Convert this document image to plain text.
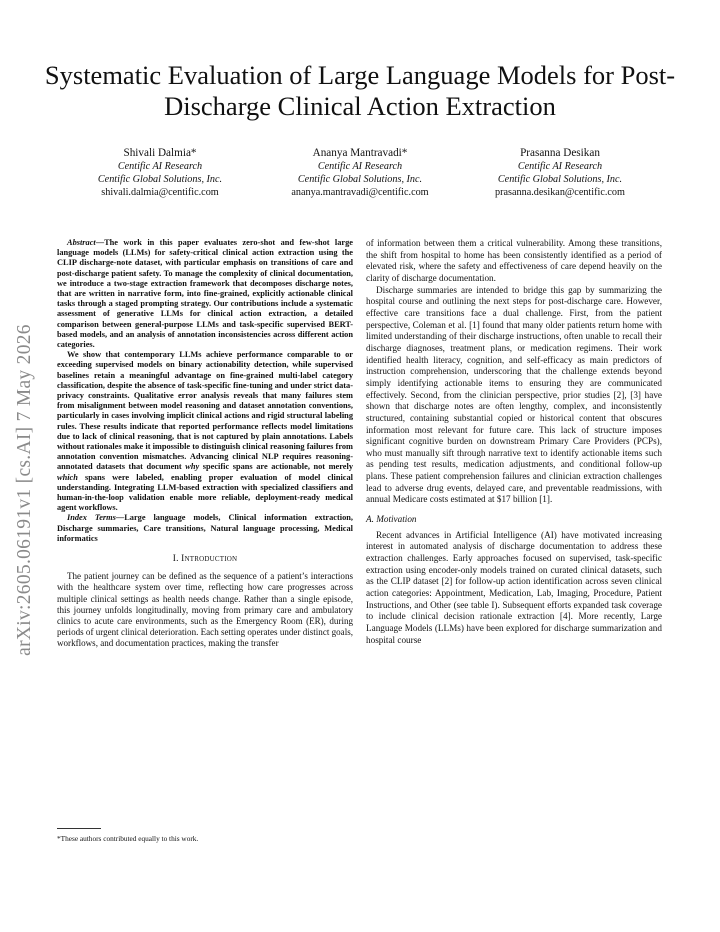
Systematic Evaluation of Large Language Models for Post-Discharge Clinical Action Extraction
Shivali Dalmia*
Centific AI Research
Centific Global Solutions, Inc.
shivali.dalmia@centific.com
Ananya Mantravadi*
Centific AI Research
Centific Global Solutions, Inc.
ananya.mantravadi@centific.com
Prasanna Desikan
Centific AI Research
Centific Global Solutions, Inc.
prasanna.desikan@centific.com
arXiv:2605.06191v1 [cs.AI] 7 May 2026

Abstract—The work in this paper evaluates zero-shot and few-shot large language models (LLMs) for safety-critical clinical action extraction using the CLIP discharge-note dataset, with particular emphasis on transitions of care and post-discharge patient safety. To manage the complexity of clinical documentation, we introduce a two-stage extraction framework that decomposes discharge notes, that are written in narrative form, into fine-grained, explicitly actionable clinical tasks through a staged prompting strategy. Our contributions include a systematic assessment of generative LLMs for clinical action extraction, a detailed comparison between general-purpose LLMs and task-specific supervised BERT-based models, and an analysis of annotation inconsistencies across different action categories.

We show that contemporary LLMs achieve performance comparable to or exceeding supervised models on binary actionability detection, while supervised baselines retain a meaningful advantage on fine-grained multi-label category classification, despite the absence of task-specific fine-tuning and under strict data-privacy constraints. Qualitative error analysis reveals that many failures stem from misalignment between model reasoning and dataset annotation conventions, particularly in cases involving implicit clinical actions and rigid structural labeling rules. These results indicate that reported performance reflects model limitations due to lack of clinical reasoning, that is not captured by plain annotations. Labels without rationales make it impossible to distinguish clinical reasoning failures from annotation convention mismatches. Advancing clinical NLP requires reasoning-annotated datasets that document why specific spans are actionable, not merely which spans were labeled, enabling proper evaluation of model clinical understanding. Integrating LLM-based extraction with specialized classifiers and human-in-the-loop validation enable more reliable, deployment-ready medical agent workflows.

Index Terms—Large language models, Clinical information extraction, Discharge summaries, Care transitions, Natural language processing, Medical informatics

I. Introduction

The patient journey can be defined as the sequence of a patient’s interactions with the healthcare system over time, reflecting how care progresses across multiple clinical settings as health needs change. Rather than a single episode, this journey unfolds longitudinally, moving from primary care and ambulatory clinics to acute care environments, such as the Emergency Room (ER), during periods of urgent clinical deterioration. Each setting operates under distinct goals, workflows, and documentation practices, making the transfer

*These authors contributed equally to this work.

of information between them a critical vulnerability. Among these transitions, the shift from hospital to home has been consistently identified as a period of elevated risk, where the safety and effectiveness of care depend heavily on the clarity of discharge documentation.

Discharge summaries are intended to bridge this gap by summarizing the hospital course and outlining the next steps for post-discharge care. However, effective care transitions face a dual challenge. First, from the patient perspective, Coleman et al. [1] found that many older patients return home with limited understanding of their discharge instructions, often unable to recall their discharge diagnoses, treatment plans, or medication regimens. Their work identified health literacy, cognition, and self-efficacy as main predictors of instruction comprehension, underscoring that the challenge extends beyond simply identifying actionable items to ensuring they are communicated effectively. Second, from the clinician perspective, prior studies [2], [3] have shown that discharge notes are often lengthy, complex, and inconsistently structured, containing substantial copied or historical content that obscures information most relevant for future care. This lack of structure imposes significant cognitive burden on downstream Primary Care Providers (PCPs), who must manually sift through narrative text to identify actionable items such as pending test results, medication adjustments, and conditional follow-up plans. These patient comprehension failures and clinician extraction challenges lead to adverse drug events, delayed care, and preventable readmissions, with annual Medicare costs estimated at $17 billion [1].

A. Motivation

Recent advances in Artificial Intelligence (AI) have motivated increasing interest in automated analysis of discharge documentation to address these extraction challenges. Early approaches focused on supervised, task-specific extraction using encoder-only models trained on curated clinical datasets, such as the CLIP dataset [2] for follow-up action identification across seven clinical action categories: Appointment, Medication, Lab, Imaging, Procedure, Patient Instructions, and Other (see table I). Subsequent efforts expanded task coverage to include clinical decision rationale extraction [4]. More recently, Large Language Models (LLMs) have been explored for discharge summarization and hospital course
